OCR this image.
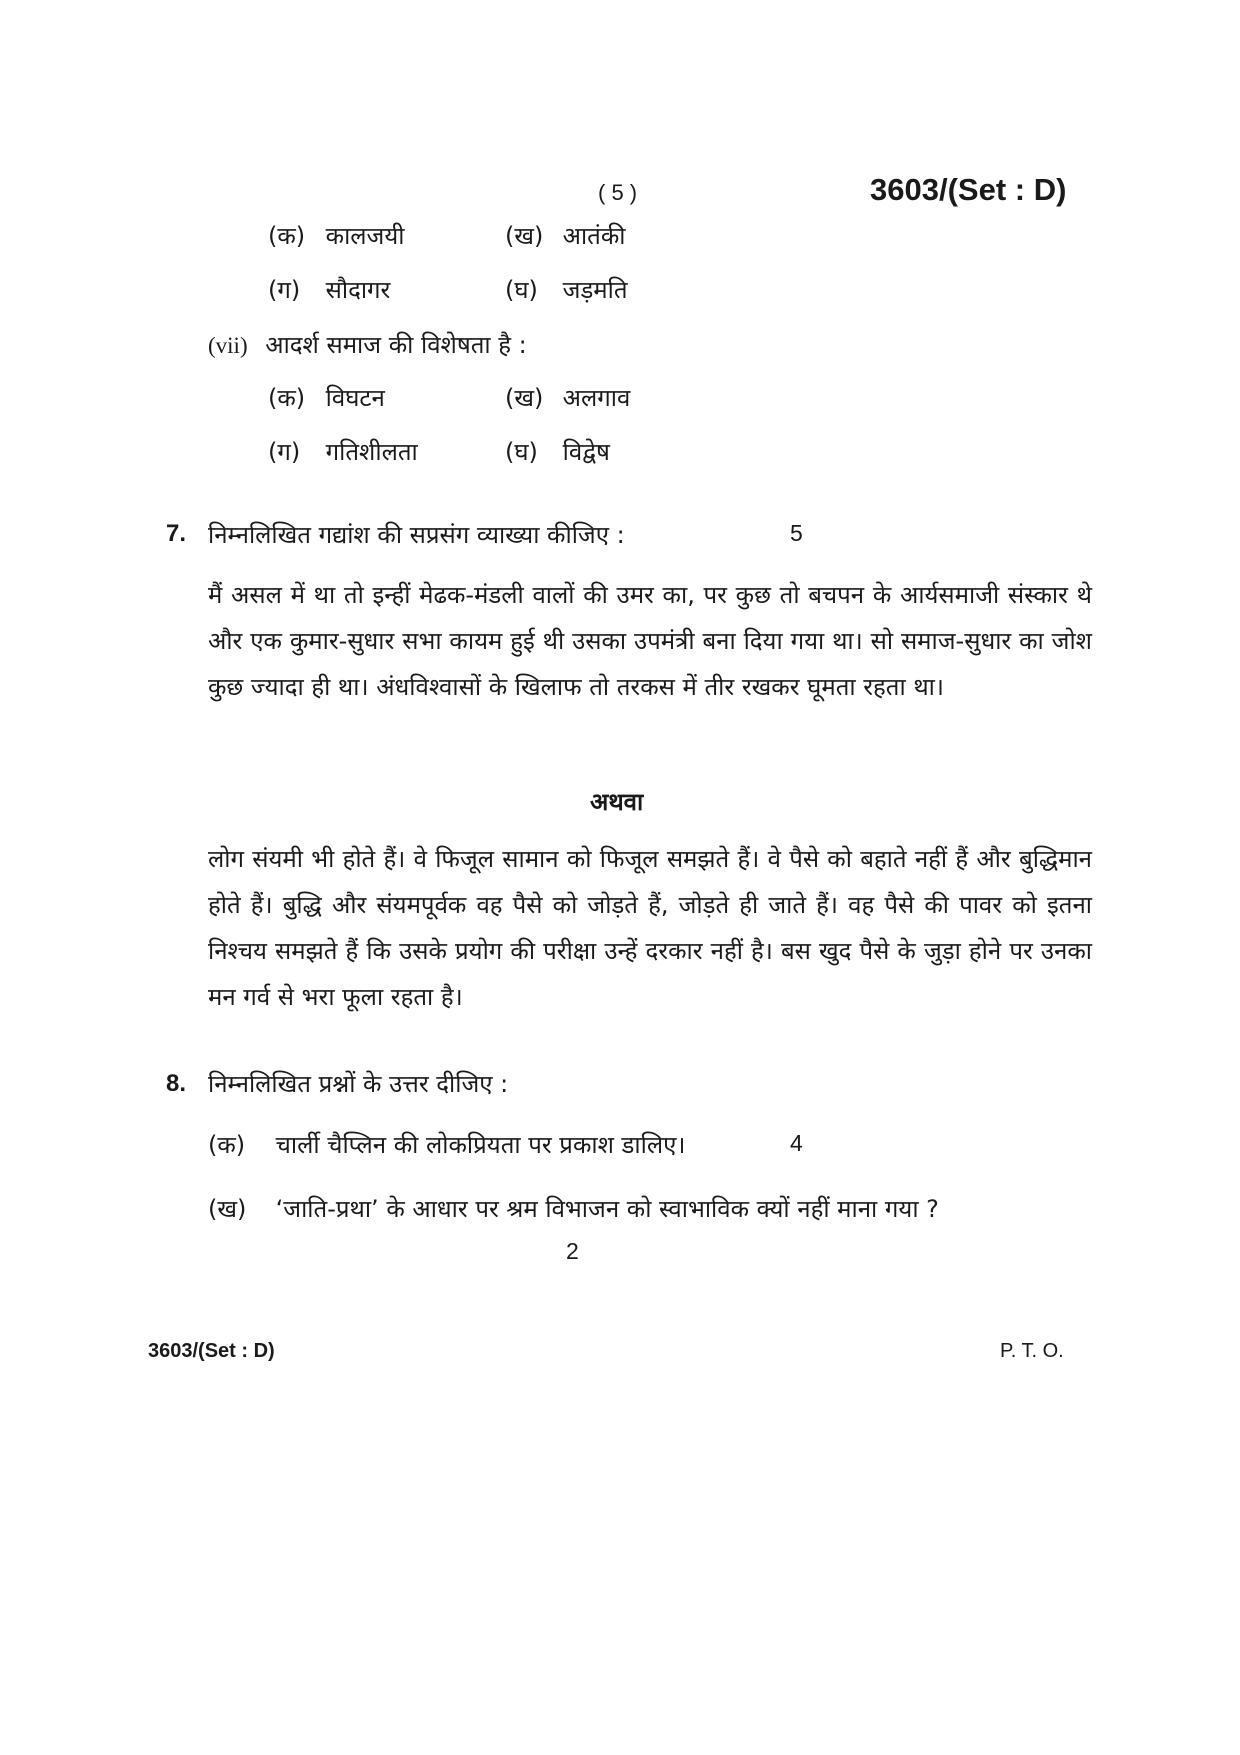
( 5 )	3603/(Set : D)
(क) कालजयी	(ख) आतंकी
(ग) सौदागर	(घ) जड़मति
(vii) आदर्श समाज की विशेषता है :
(क) विघटन	(ख) अलगाव
(ग) गतिशीलता	(घ) विद्वेष
7. निम्नलिखित गद्यांश की सप्रसंग व्याख्या कीजिए :	5
मैं असल में था तो इन्हीं मेढक-मंडली वालों की उमर का, पर कुछ तो बचपन के आर्यसमाजी संस्कार थे और एक कुमार-सुधार सभा कायम हुई थी उसका उपमंत्री बना दिया गया था। सो समाज-सुधार का जोश कुछ ज्यादा ही था। अंधविश्वासों के खिलाफ तो तरकस में तीर रखकर घूमता रहता था।
अथवा
लोग संयमी भी होते हैं। वे फिजूल सामान को फिजूल समझते हैं। वे पैसे को बहाते नहीं हैं और बुद्धिमान होते हैं। बुद्धि और संयमपूर्वक वह पैसे को जोड़ते हैं, जोड़ते ही जाते हैं। वह पैसे की पावर को इतना निश्चय समझते हैं कि उसके प्रयोग की परीक्षा उन्हें दरकार नहीं है। बस खुद पैसे के जुड़ा होने पर उनका मन गर्व से भरा फूला रहता है।
8. निम्नलिखित प्रश्नों के उत्तर दीजिए :
(क) चार्ली चैप्लिन की लोकप्रियता पर प्रकाश डालिए।	4
(ख) ‘जाति-प्रथा’ के आधार पर श्रम विभाजन को स्वाभाविक क्यों नहीं माना गया ?
2
3603/(Set : D)	P. T. O.
